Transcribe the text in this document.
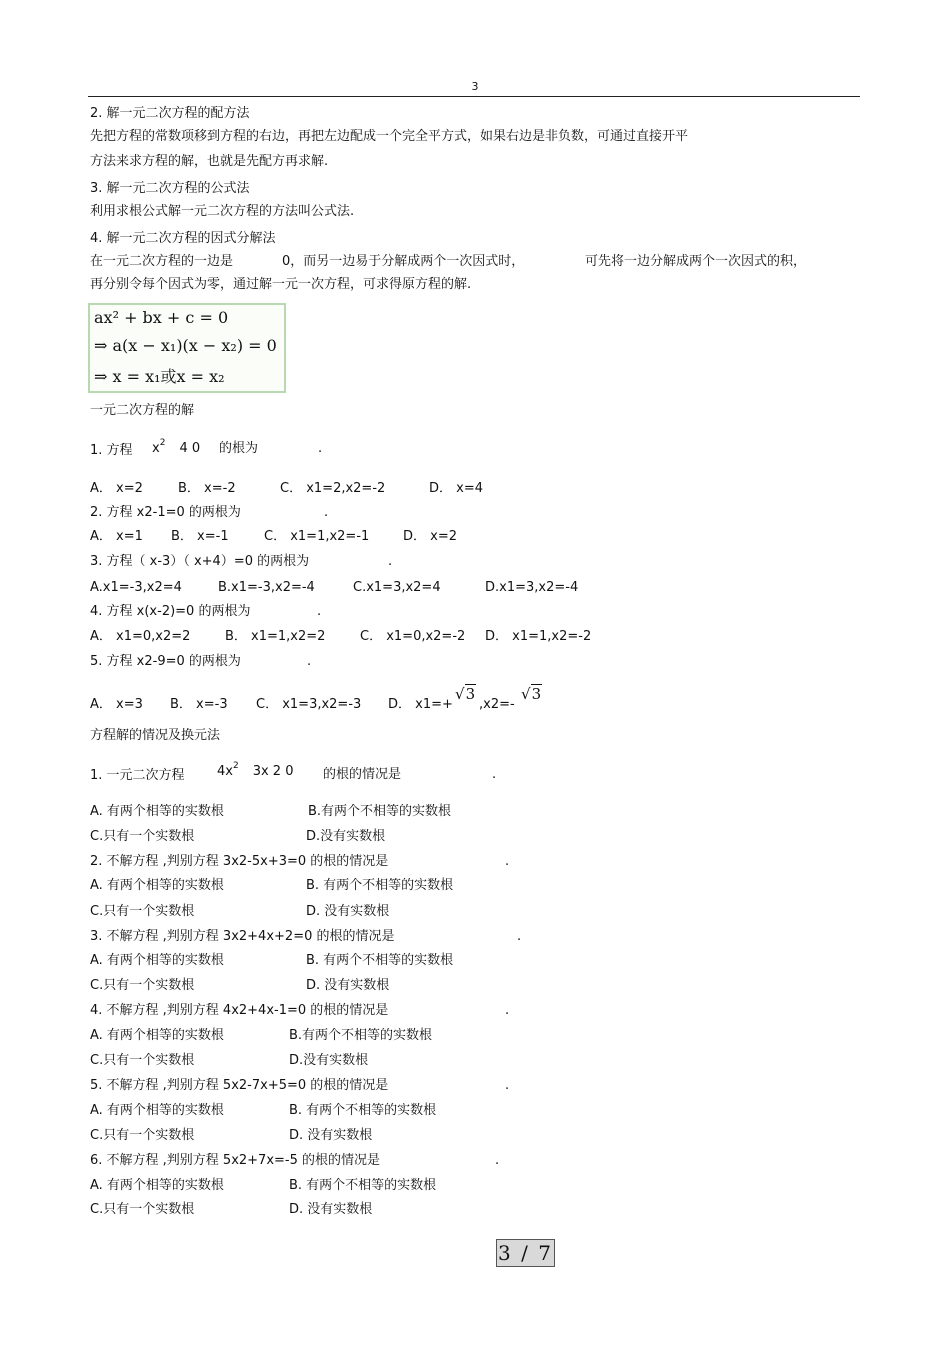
3
2. 解一元二次方程的配方法
先把方程的常数项移到方程的右边，再把左边配成一个完全平方式，如果右边是非负数，可通过直接开平
方法来求方程的解，也就是先配方再求解.
3. 解一元二次方程的公式法
利用求根公式解一元二次方程的方法叫公式法.
4. 解一元二次方程的因式分解法
在一元二次方程的一边是	0，而另一边易于分解成两个一次因式时，	可先将一边分解成两个一次因式的积，
再分别令每个因式为零，通过解一元一次方程，可求得原方程的解.
ax² + bx + c = 0
⇒ a(x − x₁)(x − x₂) = 0
⇒ x = x₁或x = x₂
一元二次方程的解
1. 方程 $x^2$ 4 0 的根为	.
A． x=2	B． x=-2	C． x1=2,x2=-2	D． x=4
2. 方程 x2-1=0 的两根为	.
A． x=1 B． x=-1	C． x1=1,x2=-1	D． x=2
3. 方程（ x-3）（ x+4）=0 的两根为	.
A.x1=-3,x2=4	B.x1=-3,x2=-4	C.x1=3,x2=4	D.x1=3,x2=-4
4. 方程 x(x-2)=0 的两根为	.
A． x1=0,x2=2	B． x1=1,x2=2	C． x1=0,x2=-2 D． x1=1,x2=-2
5. 方程 x2-9=0 的两根为	.
A． x=3 B． x=-3 C． x1=3,x2=-3 D． x1=+
√3
,x2=-
√3
方程解的情况及换元法
1. 一元二次方程 $4x^2$ 3x 2 0 的根的情况是	.
A. 有两个相等的实数根	B.有两个不相等的实数根
C.只有一个实数根	D.没有实数根
2. 不解方程 ,判别方程 3x2-5x+3=0 的根的情况是	.
A. 有两个相等的实数根	B. 有两个不相等的实数根
C.只有一个实数根	D. 没有实数根
3. 不解方程 ,判别方程 3x2+4x+2=0 的根的情况是	.
A. 有两个相等的实数根	B. 有两个不相等的实数根
C.只有一个实数根	D. 没有实数根
4. 不解方程 ,判别方程 4x2+4x-1=0 的根的情况是	.
A. 有两个相等的实数根	B.有两个不相等的实数根
C.只有一个实数根	D.没有实数根
5. 不解方程 ,判别方程 5x2-7x+5=0 的根的情况是	.
A. 有两个相等的实数根	B. 有两个不相等的实数根
C.只有一个实数根	D. 没有实数根
6. 不解方程 ,判别方程 5x2+7x=-5 的根的情况是	.
A. 有两个相等的实数根	B. 有两个不相等的实数根
C.只有一个实数根	D. 没有实数根
3 / 7
